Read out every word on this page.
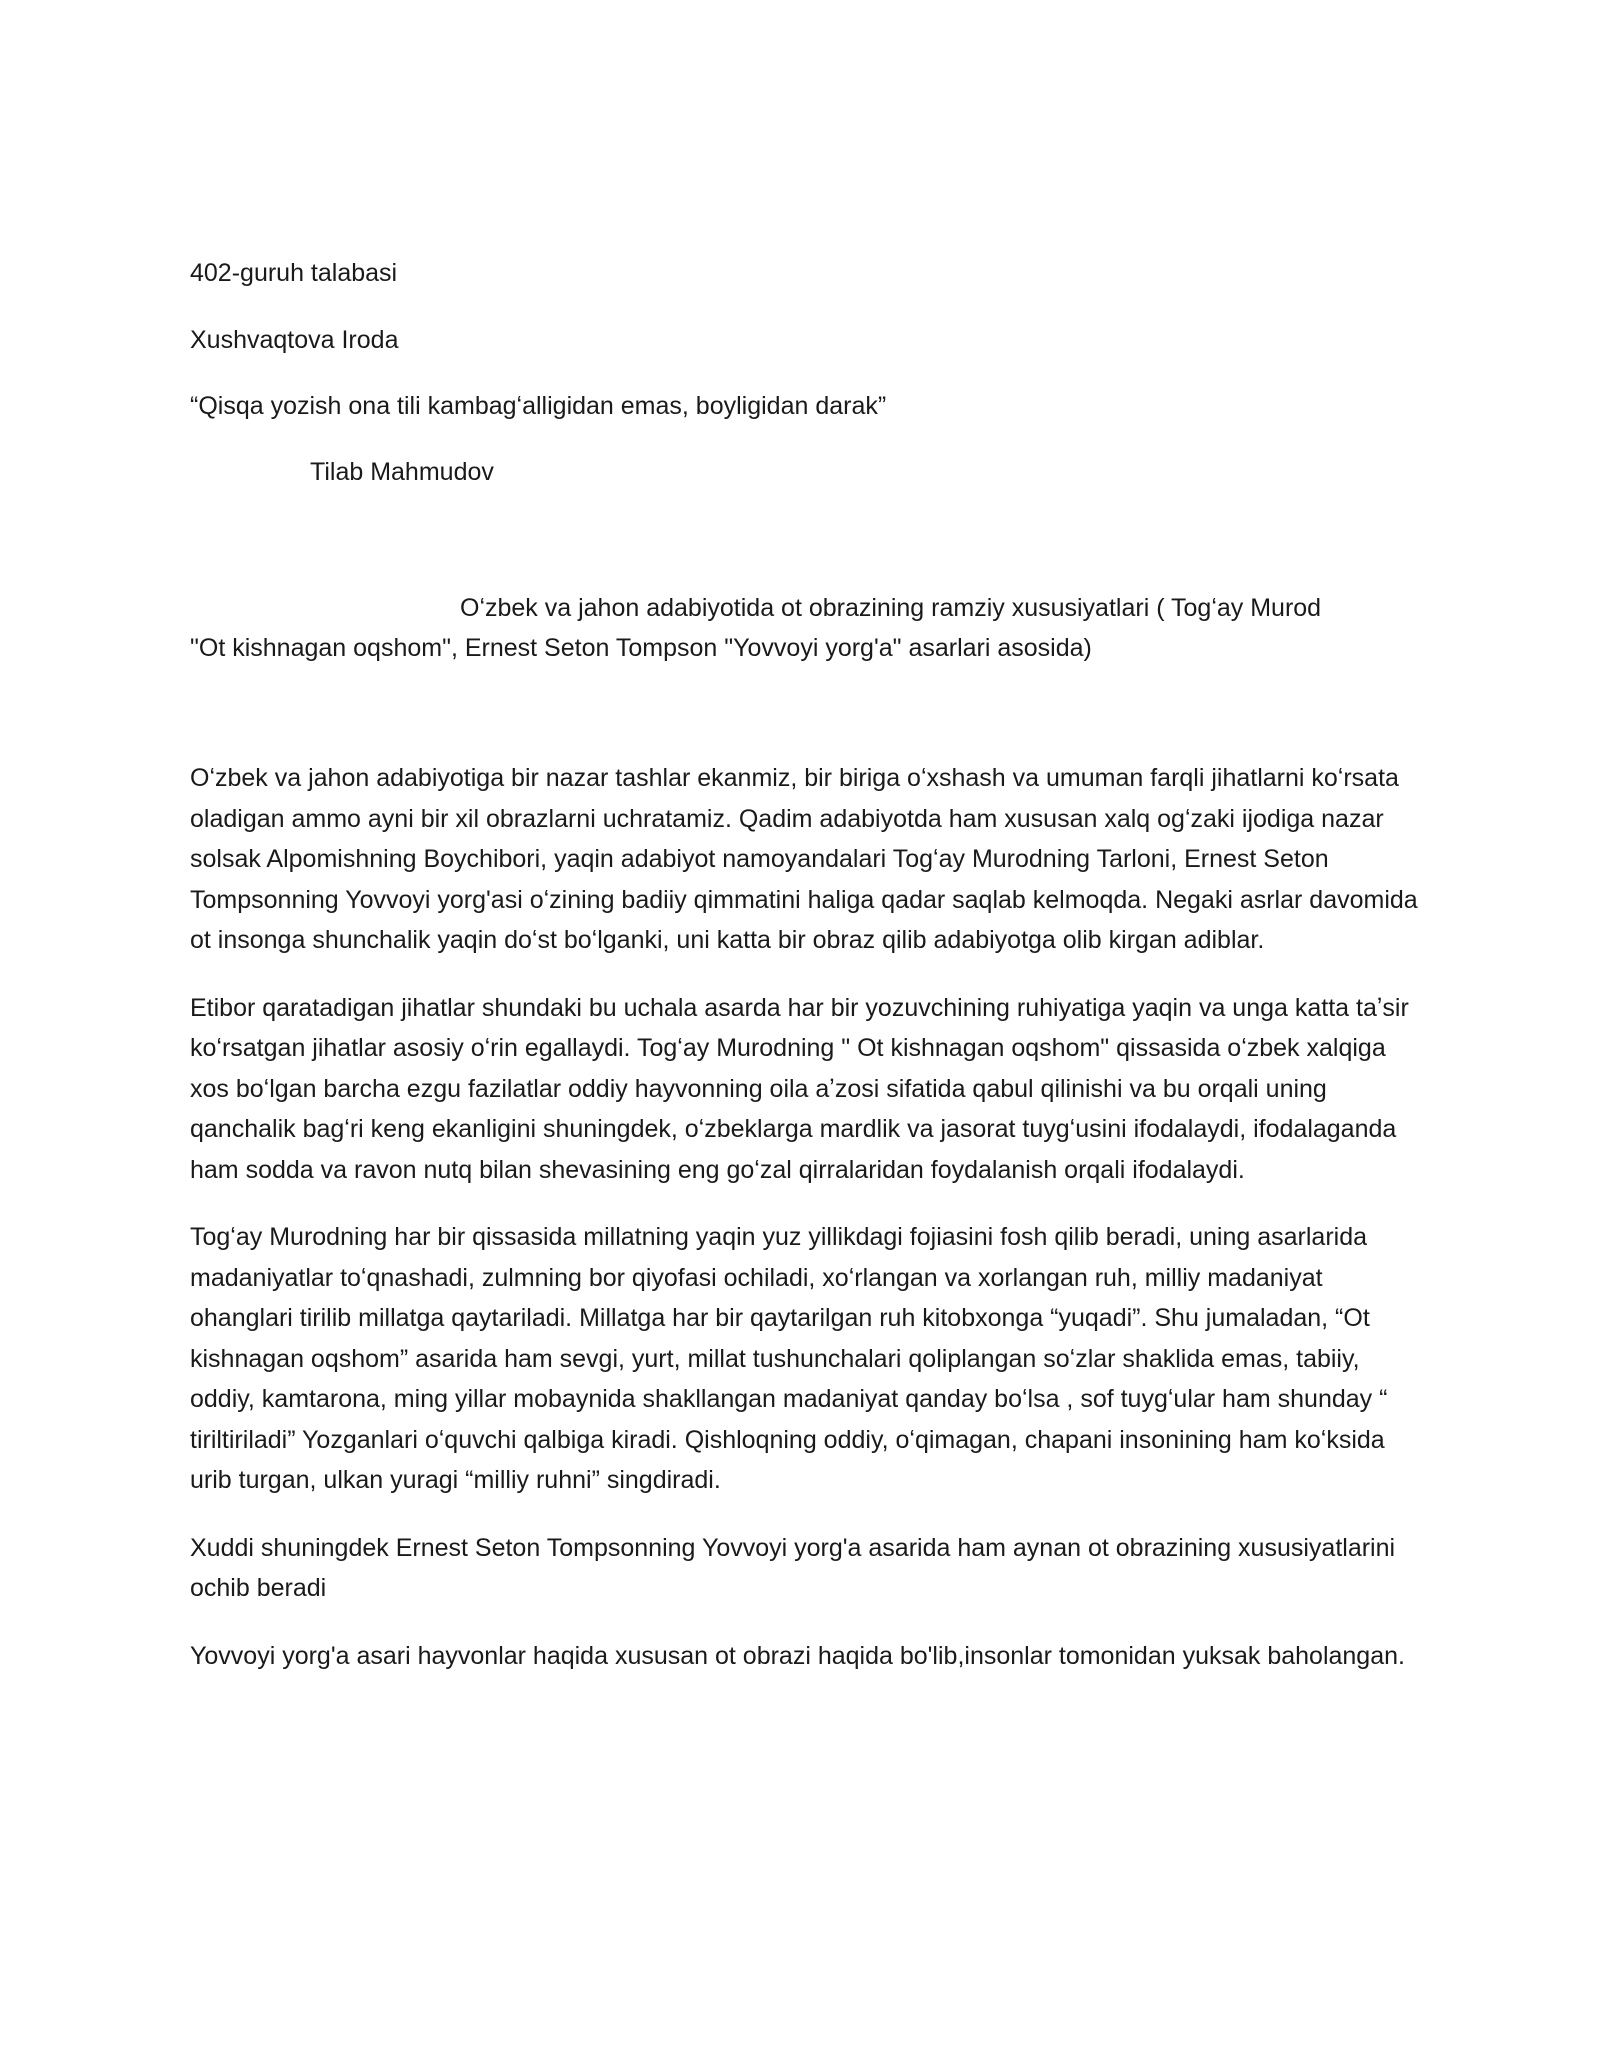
402-guruh talabasi

Xushvaqtova Iroda

“Qisqa yozish ona tili kambagʻalligidan emas, boyligidan darak”

Tilab Mahmudov

Oʻzbek va jahon adabiyotida ot obrazining ramziy xususiyatlari ( Togʻay Murod
"Ot kishnagan oqshom", Ernest Seton Tompson "Yovvoyi yorg'a" asarlari asosida)

Oʻzbek va jahon adabiyotiga bir nazar tashlar ekanmiz, bir biriga oʻxshash va umuman farqli jihatlarni koʻrsata oladigan ammo ayni bir xil obrazlarni uchratamiz. Qadim adabiyotda ham xususan xalq ogʻzaki ijodiga nazar solsak Alpomishning Boychibori, yaqin adabiyot namoyandalari Togʻay Murodning Tarloni, Ernest Seton Tompsonning Yovvoyi yorg'asi oʻzining badiiy qimmatini haliga qadar saqlab kelmoqda. Negaki asrlar davomida ot insonga shunchalik yaqin doʻst boʻlganki, uni katta bir obraz qilib adabiyotga olib kirgan adiblar.

Etibor qaratadigan jihatlar shundaki bu uchala asarda har bir yozuvchining ruhiyatiga yaqin va unga katta taʼsir koʻrsatgan jihatlar asosiy oʻrin egallaydi. Togʻay Murodning " Ot kishnagan oqshom" qissasida oʻzbek xalqiga xos boʻlgan barcha ezgu fazilatlar oddiy hayvonning oila aʼzosi sifatida qabul qilinishi va bu orqali uning qanchalik bagʻri keng ekanligini shuningdek, oʻzbeklarga mardlik va jasorat tuygʻusini ifodalaydi, ifodalaganda ham sodda va ravon nutq bilan shevasining eng goʻzal qirralaridan foydalanish orqali ifodalaydi.

Togʻay Murodning har bir qissasida millatning yaqin yuz yillikdagi fojiasini fosh qilib beradi, uning asarlarida madaniyatlar toʻqnashadi, zulmning bor qiyofasi ochiladi, xoʻrlangan va xorlangan ruh, milliy madaniyat ohanglari tirilib millatga qaytariladi. Millatga har bir qaytarilgan ruh kitobxonga “yuqadi”. Shu jumaladan, “Ot kishnagan oqshom” asarida ham sevgi, yurt, millat tushunchalari qoliplangan soʻzlar shaklida emas, tabiiy, oddiy, kamtarona, ming yillar mobaynida shakllangan madaniyat qanday boʻlsa , sof tuygʻular ham shunday “ tiriltiriladi” Yozganlari oʻquvchi qalbiga kiradi. Qishloqning oddiy, oʻqimagan, chapani insonining ham koʻksida urib turgan, ulkan yuragi “milliy ruhni” singdiradi.

Xuddi shuningdek Ernest Seton Tompsonning Yovvoyi yorg'a asarida ham aynan ot obrazining xususiyatlarini ochib beradi

Yovvoyi yorg'a asari hayvonlar haqida xususan ot obrazi haqida bo'lib,insonlar tomonidan yuksak baholangan.
